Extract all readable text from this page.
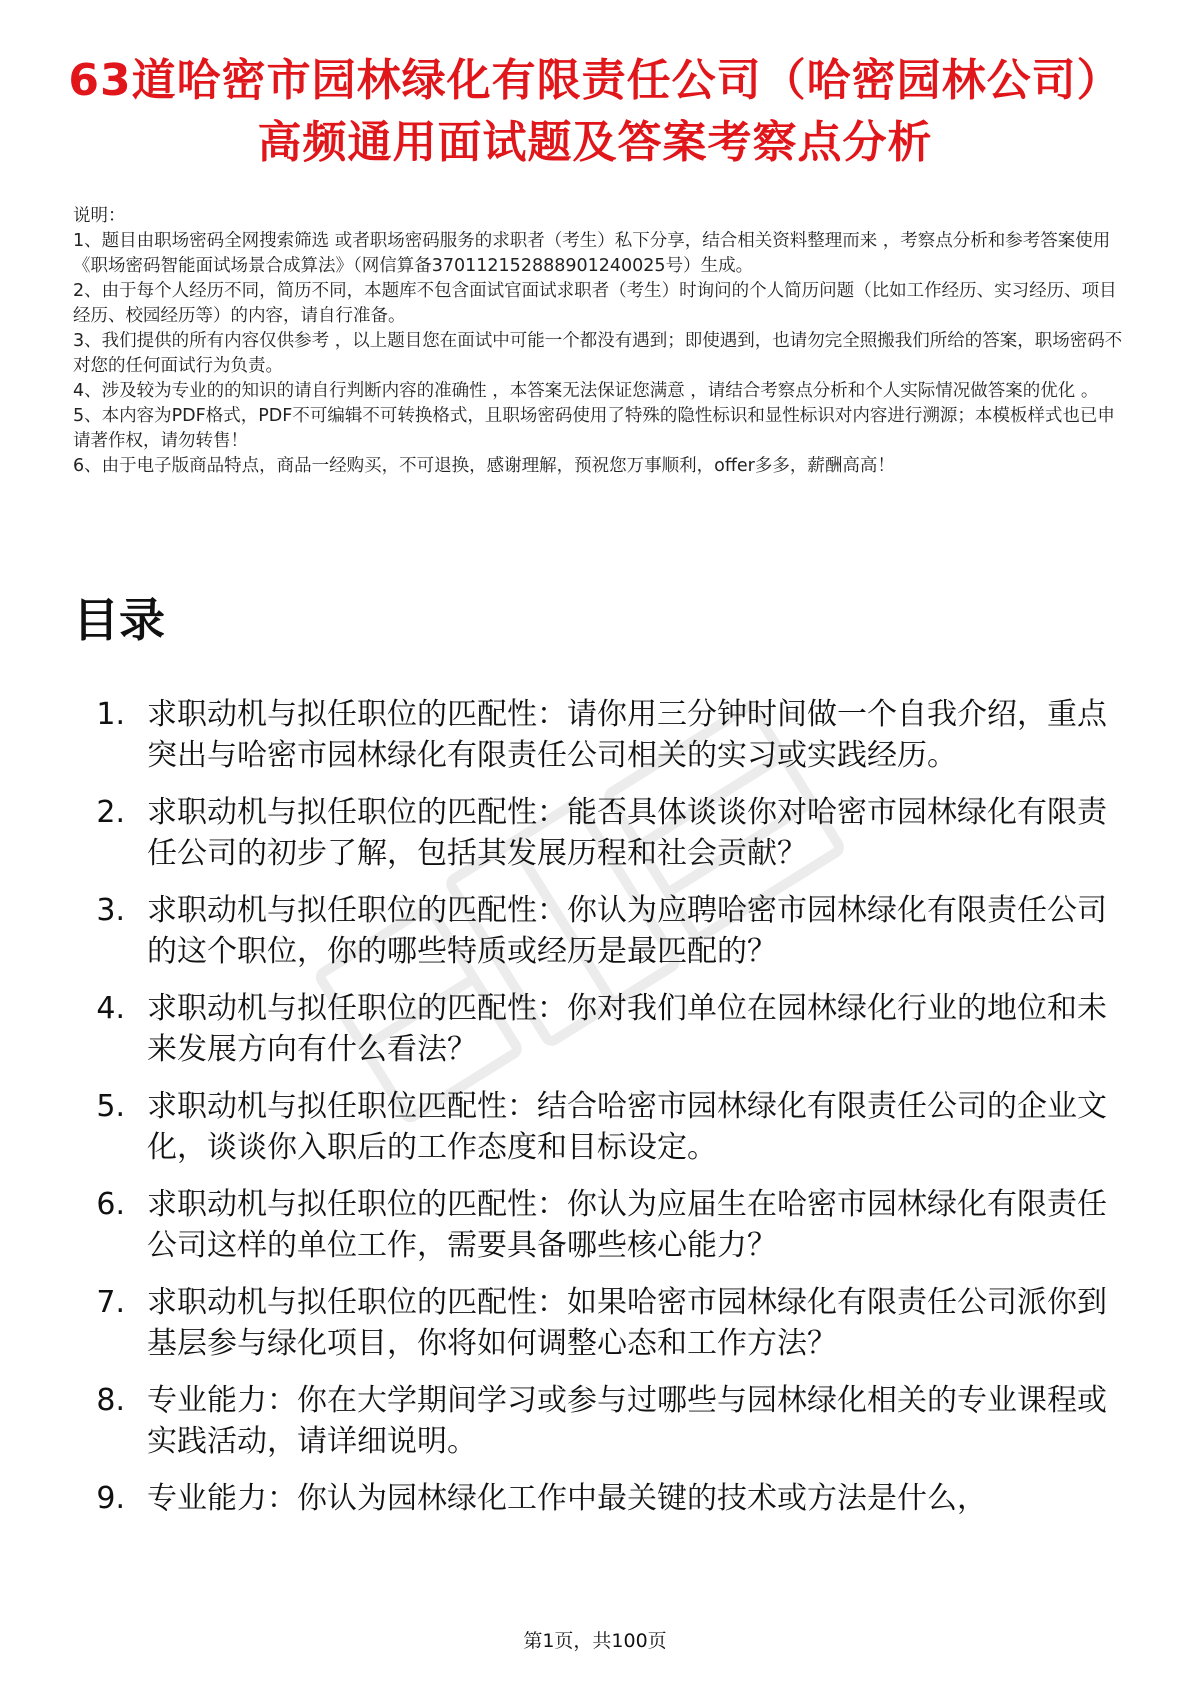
63道哈密市园林绿化有限责任公司（哈密园林公司）高频通用面试题及答案考察点分析

说明：

1、题目由职场密码全网搜索筛选 或者职场密码服务的求职者（考生）私下分享，结合相关资料整理而来 ，考察点分析和参考答案使用《职场密码智能面试场景合成算法》（网信算备370112152888901240025号）生成。

2、由于每个人经历不同，简历不同，本题库不包含面试官面试求职者（考生）时询问的个人简历问题（比如工作经历、实习经历、项目经历、校园经历等）的内容，请自行准备。

3、我们提供的所有内容仅供参考 ，以上题目您在面试中可能一个都没有遇到；即使遇到，也请勿完全照搬我们所给的答案，职场密码不对您的任何面试行为负责。

4、涉及较为专业的的知识的请自行判断内容的准确性 ，本答案无法保证您满意 ，请结合考察点分析和个人实际情况做答案的优化 。

5、本内容为PDF格式，PDF不可编辑不可转换格式，且职场密码使用了特殊的隐性标识和显性标识对内容进行溯源；本模板样式也已申请著作权，请勿转售！

6、由于电子版商品特点，商品一经购买，不可退换，感谢理解，预祝您万事顺利，offer多多，薪酬高高！

目录
1. 求职动机与拟任职位的匹配性：请你用三分钟时间做一个自我介绍，重点突出与哈密市园林绿化有限责任公司相关的实习或实践经历。
2. 求职动机与拟任职位的匹配性：能否具体谈谈你对哈密市园林绿化有限责任公司的初步了解，包括其发展历程和社会贡献？
3. 求职动机与拟任职位的匹配性：你认为应聘哈密市园林绿化有限责任公司的这个职位，你的哪些特质或经历是最匹配的？
4. 求职动机与拟任职位的匹配性：你对我们单位在园林绿化行业的地位和未来发展方向有什么看法？
5. 求职动机与拟任职位匹配性：结合哈密市园林绿化有限责任公司的企业文化，谈谈你入职后的工作态度和目标设定。
6. 求职动机与拟任职位的匹配性：你认为应届生在哈密市园林绿化有限责任公司这样的单位工作，需要具备哪些核心能力？
7. 求职动机与拟任职位的匹配性：如果哈密市园林绿化有限责任公司派你到基层参与绿化项目，你将如何调整心态和工作方法？
8. 专业能力：你在大学期间学习或参与过哪些与园林绿化相关的专业课程或实践活动，请详细说明。
9. 专业能力：你认为园林绿化工作中最关键的技术或方法是什么，
第1页，共100页
